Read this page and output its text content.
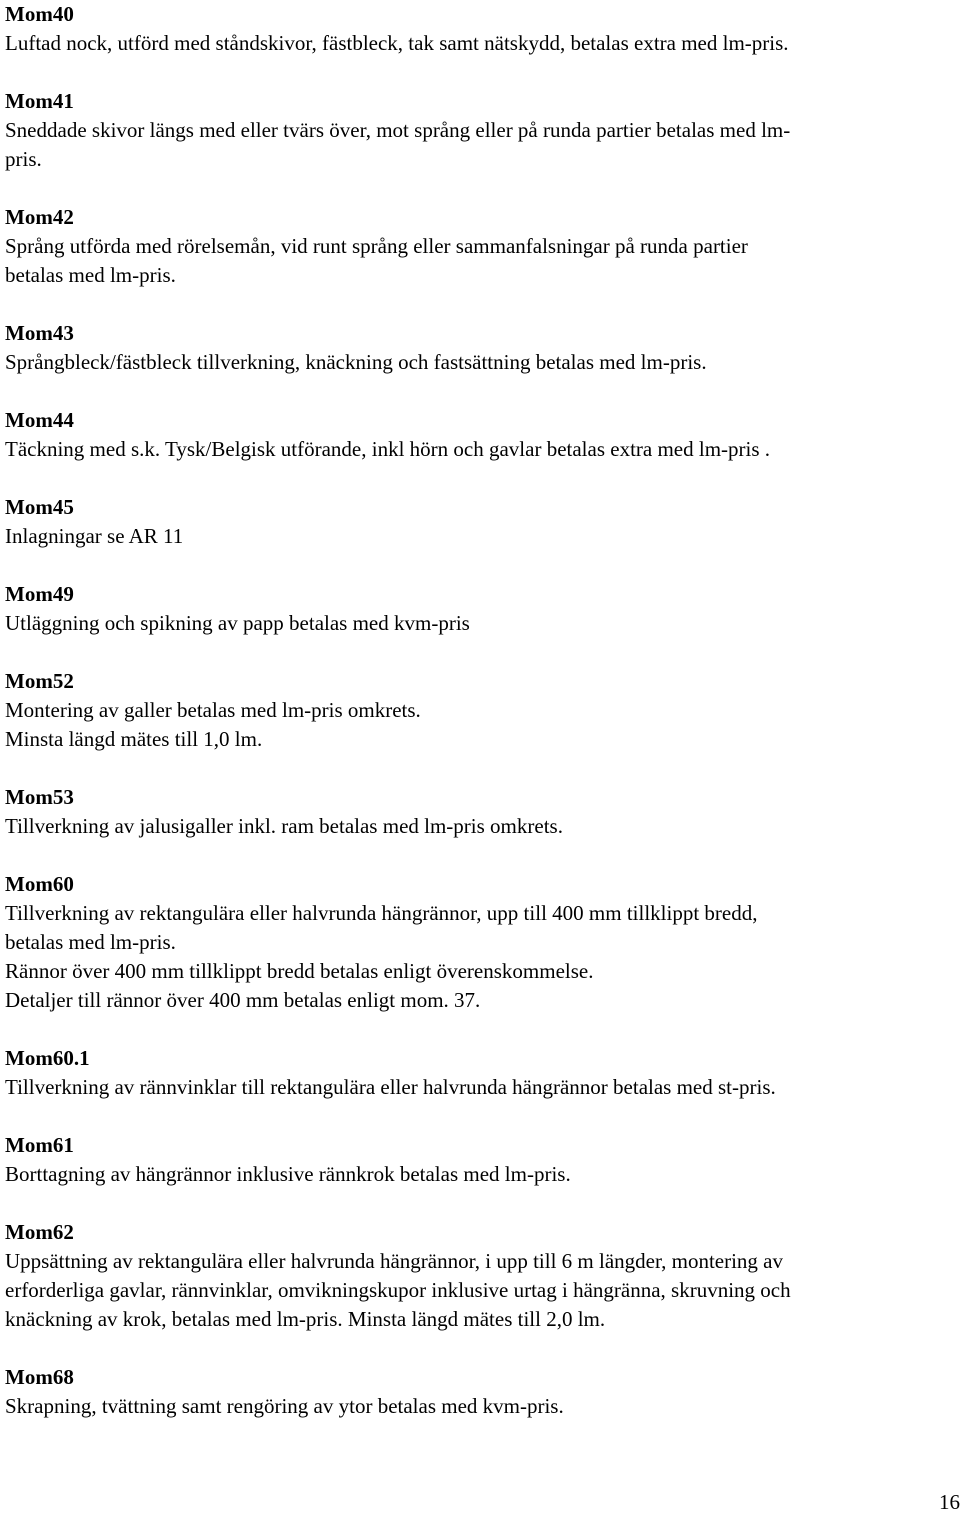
Mom40
Luftad nock, utförd med ståndskivor, fästbleck, tak samt nätskydd, betalas extra med lm-pris.
Mom41
Sneddade skivor längs med eller tvärs över, mot språng eller på runda partier betalas med lm-
pris.
Mom42
Språng utförda med rörelsemån, vid runt språng eller sammanfalsningar på runda partier
betalas med lm-pris.
Mom43
Språngbleck/fästbleck tillverkning, knäckning och fastsättning betalas med lm-pris.
Mom44
Täckning med s.k. Tysk/Belgisk utförande, inkl hörn och gavlar betalas extra med lm-pris .
Mom45
Inlagningar se AR 11
Mom49
Utläggning och spikning av papp betalas med kvm-pris
Mom52
Montering av galler betalas med lm-pris omkrets.
Minsta längd mätes till 1,0 lm.
Mom53
Tillverkning av jalusigaller inkl. ram betalas med lm-pris omkrets.
Mom60
Tillverkning av rektangulära eller halvrunda hängrännor, upp till 400 mm tillklippt bredd,
betalas med lm-pris.
Rännor över 400 mm tillklippt bredd betalas enligt överenskommelse.
Detaljer till rännor över 400 mm betalas enligt mom. 37.
Mom60.1
Tillverkning av rännvinklar till rektangulära eller halvrunda hängrännor betalas med st-pris.
Mom61
Borttagning av hängrännor inklusive rännkrok betalas med lm-pris.
Mom62
Uppsättning av rektangulära eller halvrunda hängrännor, i upp till 6 m längder, montering av
erforderliga gavlar, rännvinklar, omvikningskupor inklusive urtag i hängränna, skruvning och
knäckning av krok, betalas med lm-pris. Minsta längd mätes till 2,0 lm.
Mom68
Skrapning, tvättning samt rengöring av ytor betalas med kvm-pris.
16
